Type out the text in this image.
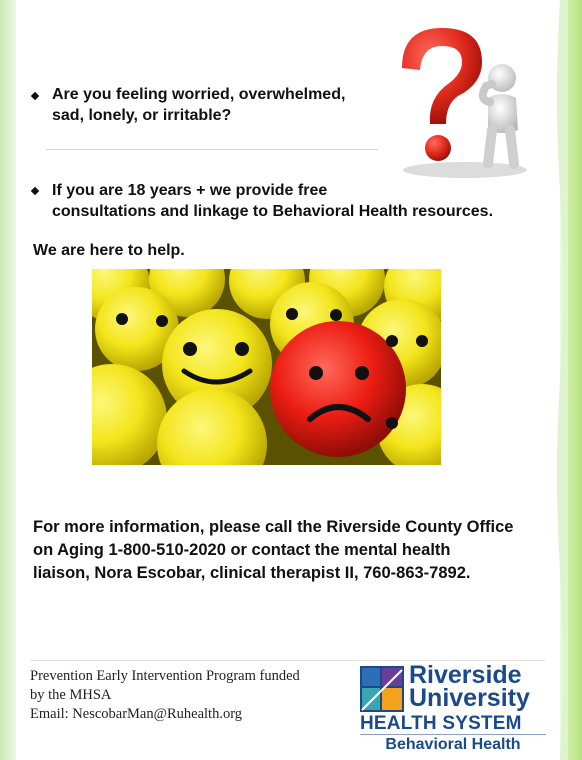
Are you feeling worried, overwhelmed,
sad, lonely, or irritable?
If you are 18 years + we provide free
consultations and linkage to Behavioral Health resources.
We are here to help.
For more information, please call the Riverside County Office
on Aging 1-800-510-2020 or contact the mental health
liaison, Nora Escobar, clinical therapist II, 760-863-7892.
Prevention Early Intervention Program funded
by the MHSA
Email: NescobarMan@Ruhealth.org
Riverside
University
HEALTH SYSTEM
Behavioral Health
